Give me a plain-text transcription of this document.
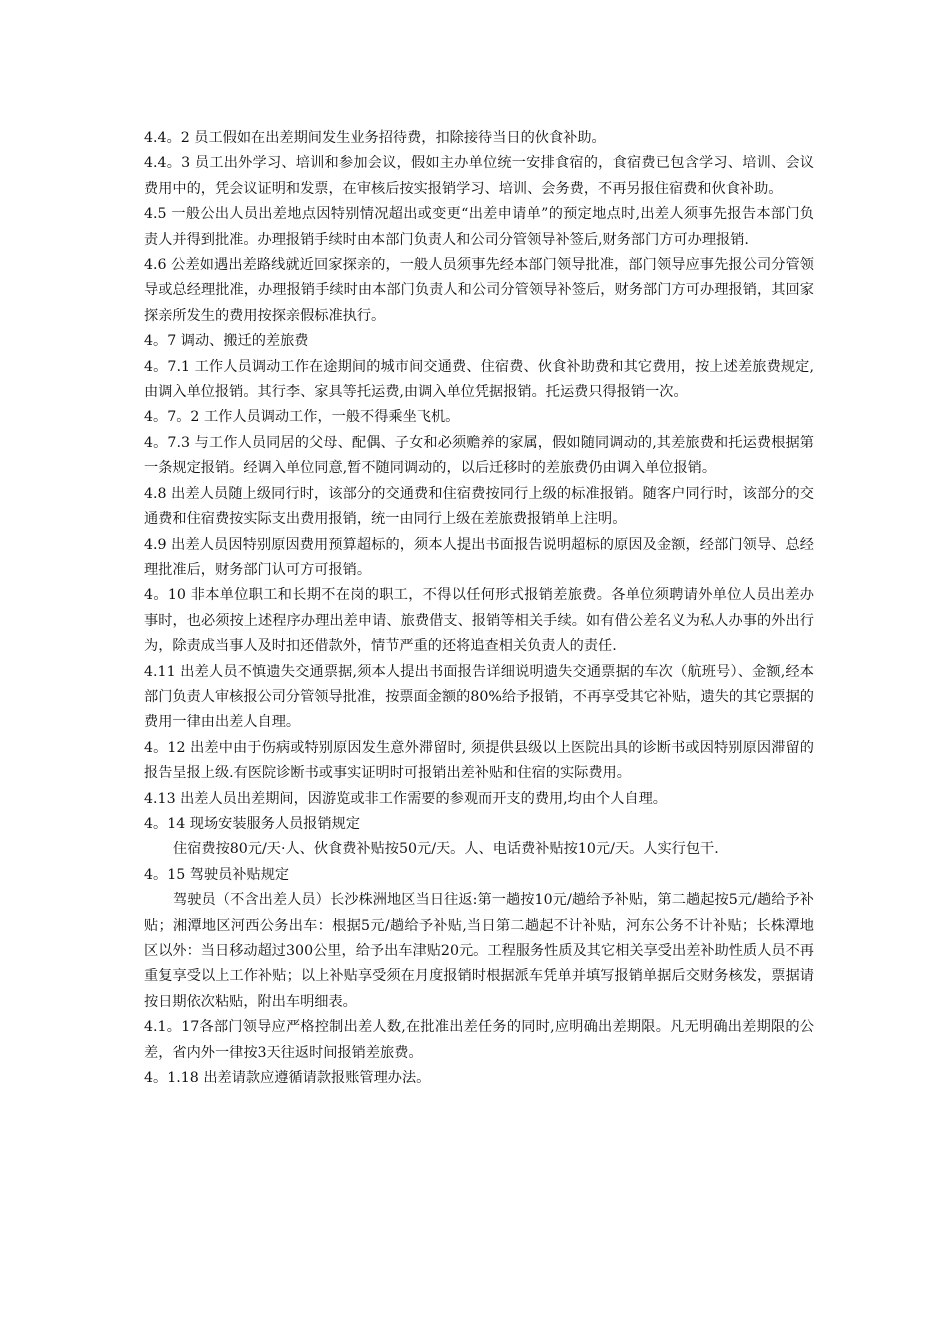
4.4。2 员工假如在出差期间发生业务招待费，扣除接待当日的伙食补助。

4.4。3 员工出外学习、培训和参加会议，假如主办单位统一安排食宿的，食宿费已包含学习、培训、会议费用中的，凭会议证明和发票，在审核后按实报销学习、培训、会务费，不再另报住宿费和伙食补助。

4.5 一般公出人员出差地点因特别情况超出或变更“出差申请单”的预定地点时,出差人须事先报告本部门负责人并得到批准。办理报销手续时由本部门负责人和公司分管领导补签后,财务部门方可办理报销.

4.6 公差如遇出差路线就近回家探亲的，一般人员须事先经本部门领导批准，部门领导应事先报公司分管领导或总经理批准，办理报销手续时由本部门负责人和公司分管领导补签后，财务部门方可办理报销，其回家探亲所发生的费用按探亲假标准执行。

4。7 调动、搬迁的差旅费

4。7.1 工作人员调动工作在途期间的城市间交通费、住宿费、伙食补助费和其它费用，按上述差旅费规定,由调入单位报销。其行李、家具等托运费,由调入单位凭据报销。托运费只得报销一次。

4。7。2 工作人员调动工作，一般不得乘坐飞机。

4。7.3 与工作人员同居的父母、配偶、子女和必须赡养的家属，假如随同调动的,其差旅费和托运费根据第一条规定报销。经调入单位同意,暂不随同调动的，以后迁移时的差旅费仍由调入单位报销。

4.8 出差人员随上级同行时，该部分的交通费和住宿费按同行上级的标准报销。随客户同行时，该部分的交通费和住宿费按实际支出费用报销，统一由同行上级在差旅费报销单上注明。

4.9 出差人员因特别原因费用预算超标的，须本人提出书面报告说明超标的原因及金额，经部门领导、总经理批准后，财务部门认可方可报销。

4。10 非本单位职工和长期不在岗的职工，不得以任何形式报销差旅费。各单位须聘请外单位人员出差办事时，也必须按上述程序办理出差申请、旅费借支、报销等相关手续。如有借公差名义为私人办事的外出行为，除责成当事人及时扣还借款外，情节严重的还将追查相关负责人的责任.

4.11 出差人员不慎遗失交通票据,须本人提出书面报告详细说明遗失交通票据的车次（航班号）、金额,经本部门负责人审核报公司分管领导批准，按票面金额的80%给予报销，不再享受其它补贴，遗失的其它票据的费用一律由出差人自理。

4。12 出差中由于伤病或特别原因发生意外滞留时, 须提供县级以上医院出具的诊断书或因特别原因滞留的报告呈报上级.有医院诊断书或事实证明时可报销出差补贴和住宿的实际费用。

4.13 出差人员出差期间，因游览或非工作需要的参观而开支的费用,均由个人自理。

4。14 现场安装服务人员报销规定

住宿费按80元/天·人、伙食费补贴按50元/天。人、电话费补贴按10元/天。人实行包干.

4。15 驾驶员补贴规定

驾驶员（不含出差人员）长沙株洲地区当日往返:第一趟按10元/趟给予补贴，第二趟起按5元/趟给予补贴；湘潭地区河西公务出车：根据5元/趟给予补贴,当日第二趟起不计补贴，河东公务不计补贴；长株潭地区以外：当日移动超过300公里，给予出车津贴20元。工程服务性质及其它相关享受出差补助性质人员不再重复享受以上工作补贴；以上补贴享受须在月度报销时根据派车凭单并填写报销单据后交财务核发，票据请按日期依次粘贴，附出车明细表。

4.1。17各部门领导应严格控制出差人数,在批准出差任务的同时,应明确出差期限。凡无明确出差期限的公差，省内外一律按3天往返时间报销差旅费。

4。1.18 出差请款应遵循请款报账管理办法。
